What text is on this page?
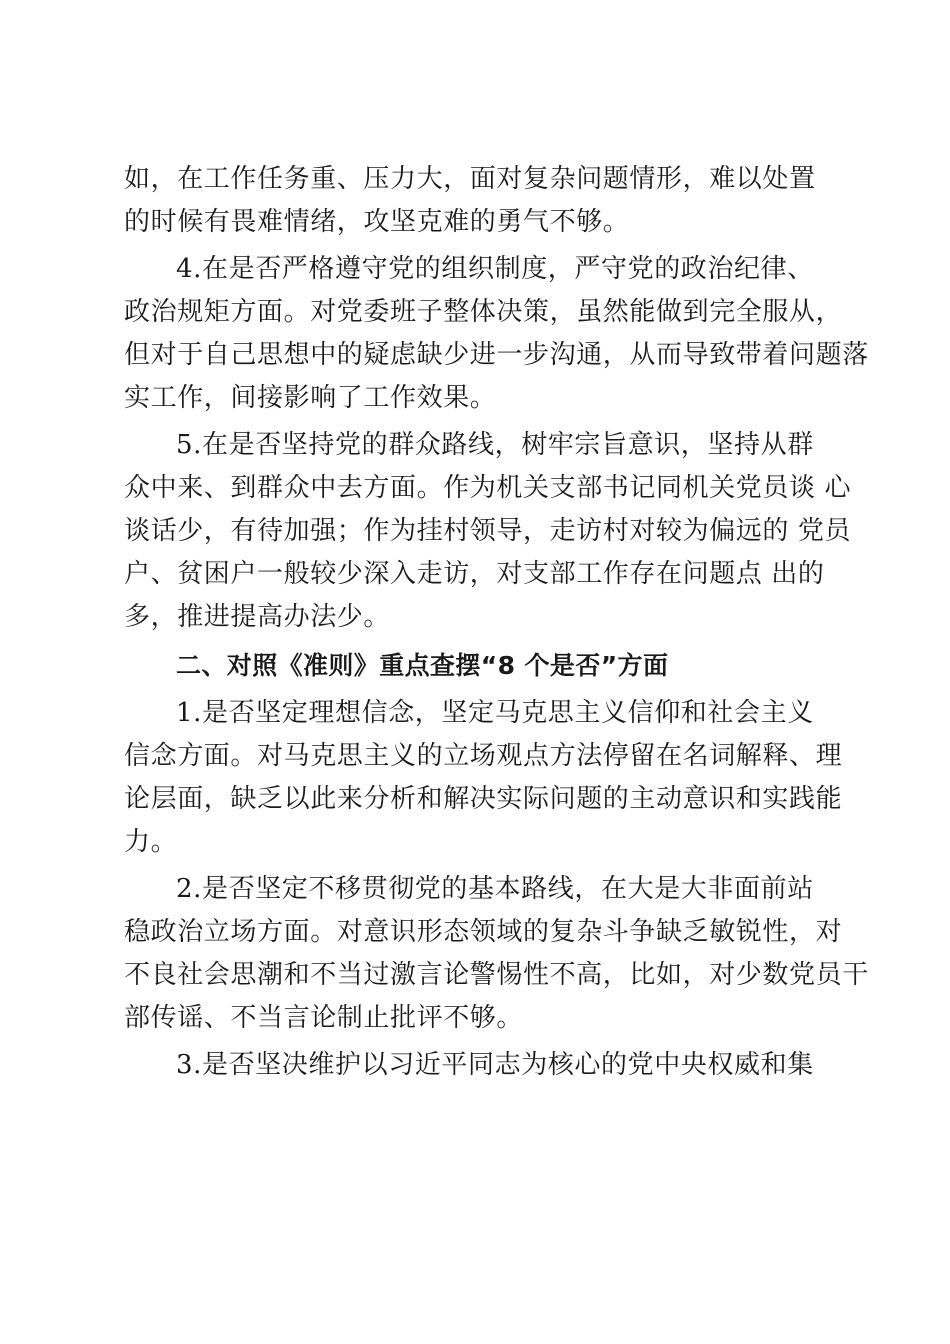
如，在工作任务重、压力大，面对复杂问题情形，难以处置
的时候有畏难情绪，攻坚克难的勇气不够。
4.在是否严格遵守党的组织制度，严守党的政治纪律、
政治规矩方面。对党委班子整体决策，虽然能做到完全服从，
但对于自己思想中的疑虑缺少进一步沟通，从而导致带着问题落
实工作，间接影响了工作效果。
5.在是否坚持党的群众路线，树牢宗旨意识，坚持从群
众中来、到群众中去方面。作为机关支部书记同机关党员谈 心
谈话少，有待加强；作为挂村领导，走访村对较为偏远的 党员
户、贫困户一般较少深入走访，对支部工作存在问题点 出的
多，推进提高办法少。
二、对照《准则》重点查摆“8 个是否”方面
1.是否坚定理想信念，坚定马克思主义信仰和社会主义
信念方面。对马克思主义的立场观点方法停留在名词解释、理
论层面，缺乏以此来分析和解决实际问题的主动意识和实践能
力。
2.是否坚定不移贯彻党的基本路线，在大是大非面前站
稳政治立场方面。对意识形态领域的复杂斗争缺乏敏锐性，对
不良社会思潮和不当过激言论警惕性不高，比如，对少数党员干
部传谣、不当言论制止批评不够。
3.是否坚决维护以习近平同志为核心的党中央权威和集
